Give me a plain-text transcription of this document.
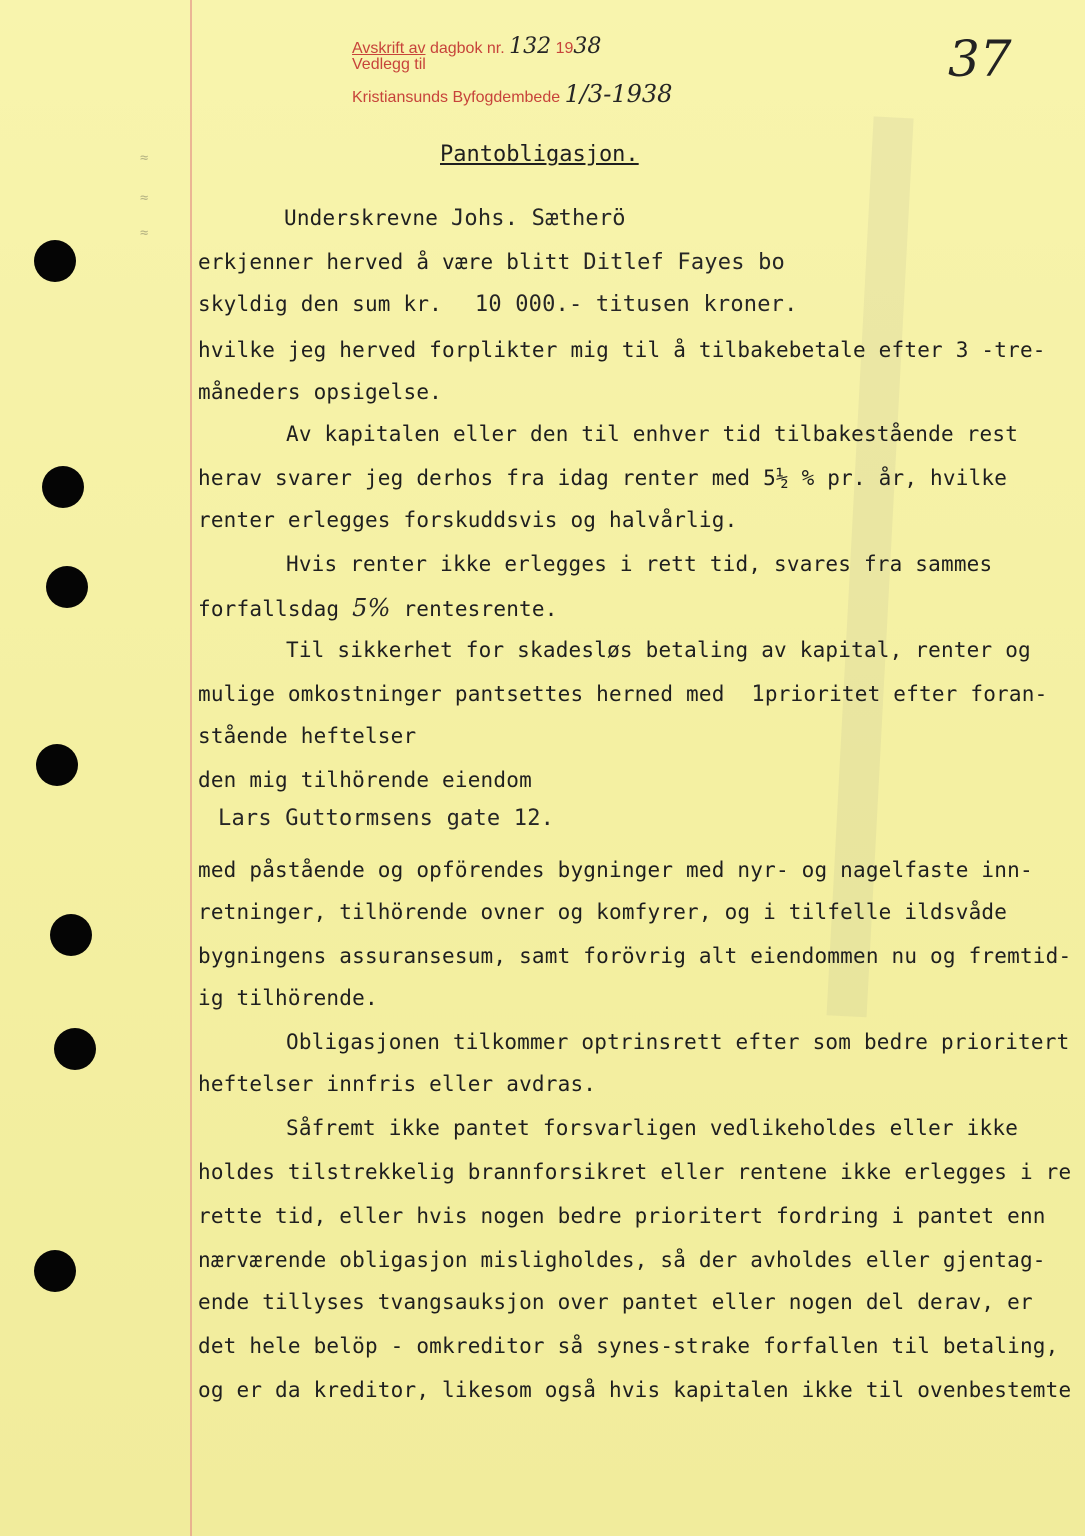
Avskrift av dagbok nr. 132 1938
Vedlegg til
Kristiansunds Byfogdembede 1/3-1938
37
≈
≈
≈
Pantobligasjon.
Underskrevne Johs. Sætherö
erkjenner herved å være blitt Ditlef Fayes bo
skyldig den sum kr. 10 000.- titusen kroner.
hvilke jeg herved forplikter mig til å tilbakebetale efter 3 -tre-
måneders opsigelse.
Av kapitalen eller den til enhver tid tilbakestående rest
herav svarer jeg derhos fra idag renter med 5½ % pr. år, hvilke
renter erlegges forskuddsvis og halvårlig.
Hvis renter ikke erlegges i rett tid, svares fra sammes
forfallsdag 5% rentesrente.
Til sikkerhet for skadesløs betaling av kapital, renter og
mulige omkostninger pantsettes herned med 1prioritet efter foran-
stående heftelser
den mig tilhörende eiendom
Lars Guttormsens gate 12.
med påstående og opförendes bygninger med nyr- og nagelfaste inn-
retninger, tilhörende ovner og komfyrer, og i tilfelle ildsvåde
bygningens assuransesum, samt forövrig alt eiendommen nu og fremtid-
ig tilhörende.
Obligasjonen tilkommer optrinsrett efter som bedre prioritert
heftelser innfris eller avdras.
Såfremt ikke pantet forsvarligen vedlikeholdes eller ikke
holdes tilstrekkelig brannforsikret eller rentene ikke erlegges i re
rette tid, eller hvis nogen bedre prioritert fordring i pantet enn
nærværende obligasjon misligholdes, så der avholdes eller gjentag-
ende tillyses tvangsauksjon over pantet eller nogen del derav, er
det hele belöp - omkreditor så synes-strake forfallen til betaling,
og er da kreditor, likesom også hvis kapitalen ikke til ovenbestemte
